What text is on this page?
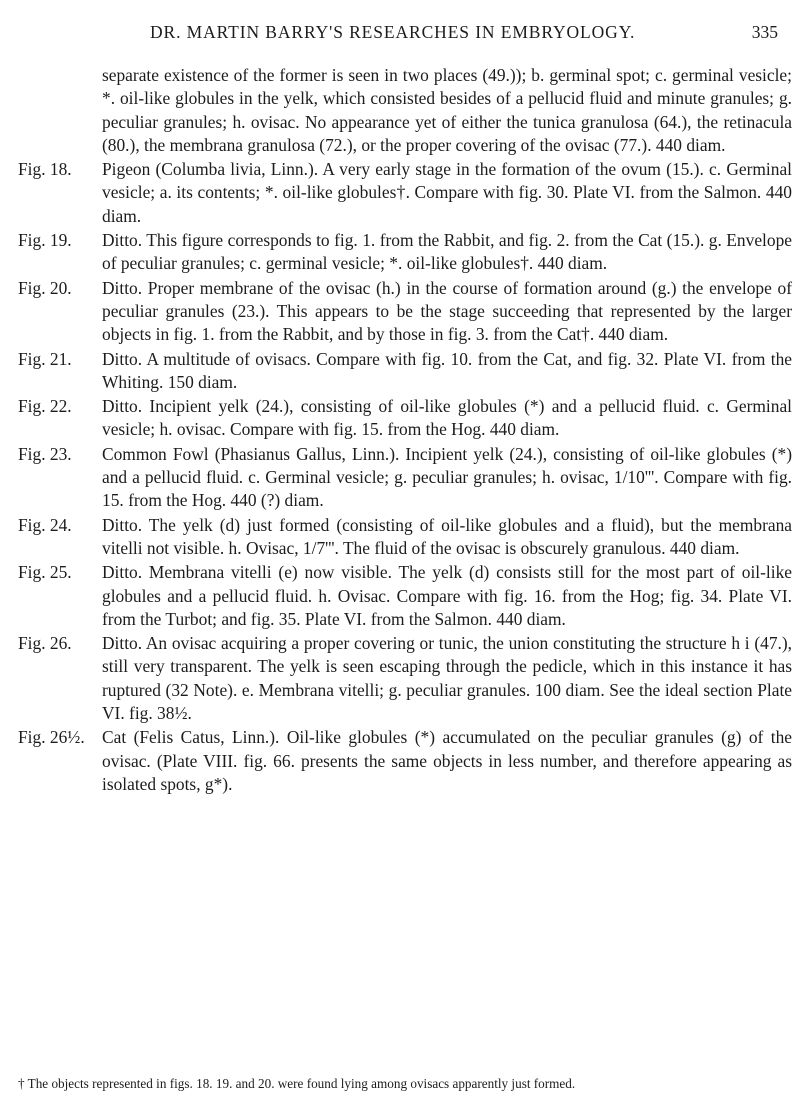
DR. MARTIN BARRY'S RESEARCHES IN EMBRYOLOGY.	335
separate existence of the former is seen in two places (49.)); b. germinal spot; c. germinal vesicle; *. oil-like globules in the yelk, which consisted besides of a pellucid fluid and minute granules; g. peculiar granules; h. ovisac. No appearance yet of either the tunica granulosa (64.), the retinacula (80.), the membrana granulosa (72.), or the proper covering of the ovisac (77.). 440 diam.
Fig. 18.	Pigeon (Columba livia, Linn.). A very early stage in the formation of the ovum (15.). c. Germinal vesicle; a. its contents; *. oil-like globules†. Compare with fig. 30. Plate VI. from the Salmon. 440 diam.
Fig. 19.	Ditto. This figure corresponds to fig. 1. from the Rabbit, and fig. 2. from the Cat (15.). g. Envelope of peculiar granules; c. germinal vesicle; *. oil-like globules†. 440 diam.
Fig. 20.	Ditto. Proper membrane of the ovisac (h.) in the course of formation around (g.) the envelope of peculiar granules (23.). This appears to be the stage succeeding that represented by the larger objects in fig. 1. from the Rabbit, and by those in fig. 3. from the Cat†. 440 diam.
Fig. 21.	Ditto. A multitude of ovisacs. Compare with fig. 10. from the Cat, and fig. 32. Plate VI. from the Whiting. 150 diam.
Fig. 22.	Ditto. Incipient yelk (24.), consisting of oil-like globules (*) and a pellucid fluid. c. Germinal vesicle; h. ovisac. Compare with fig. 15. from the Hog. 440 diam.
Fig. 23.	Common Fowl (Phasianus Gallus, Linn.). Incipient yelk (24.), consisting of oil-like globules (*) and a pellucid fluid. c. Germinal vesicle; g. peculiar granules; h. ovisac, 1/10'''. Compare with fig. 15. from the Hog. 440 (?) diam.
Fig. 24.	Ditto. The yelk (d) just formed (consisting of oil-like globules and a fluid), but the membrana vitelli not visible. h. Ovisac, 1/7'''. The fluid of the ovisac is obscurely granulous. 440 diam.
Fig. 25.	Ditto. Membrana vitelli (e) now visible. The yelk (d) consists still for the most part of oil-like globules and a pellucid fluid. h. Ovisac. Compare with fig. 16. from the Hog; fig. 34. Plate VI. from the Turbot; and fig. 35. Plate VI. from the Salmon. 440 diam.
Fig. 26.	Ditto. An ovisac acquiring a proper covering or tunic, the union constituting the structure h i (47.), still very transparent. The yelk is seen escaping through the pedicle, which in this instance it has ruptured (32 Note). e. Membrana vitelli; g. peculiar granules. 100 diam. See the ideal section Plate VI. fig. 38½.
Fig. 26½. Cat (Felis Catus, Linn.). Oil-like globules (*) accumulated on the peculiar granules (g) of the ovisac. (Plate VIII. fig. 66. presents the same objects in less number, and therefore appearing as isolated spots, g*).
† The objects represented in figs. 18. 19. and 20. were found lying among ovisacs apparently just formed.
